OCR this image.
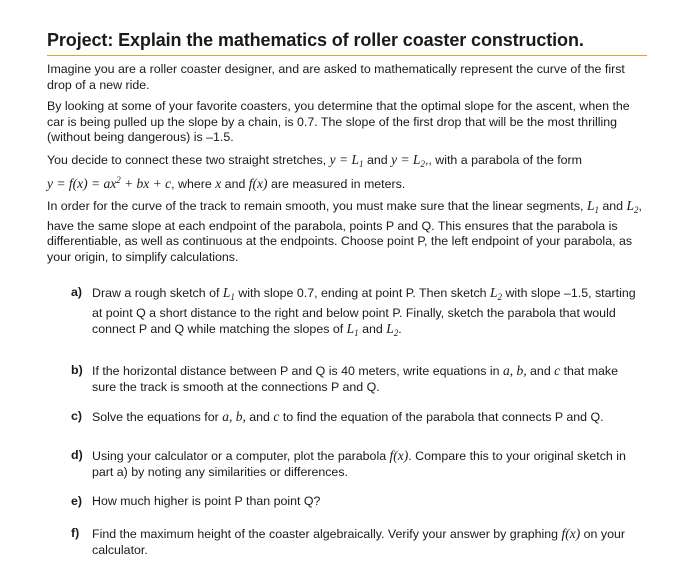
Project: Explain the mathematics of roller coaster construction.

Imagine you are a roller coaster designer, and are asked to mathematically represent the curve of the first drop of a new ride.

By looking at some of your favorite coasters, you determine that the optimal slope for the ascent, when the car is being pulled up the slope by a chain, is 0.7. The slope of the first drop that will be the most thrilling (without being dangerous) is –1.5.

You decide to connect these two straight stretches, $y = L_1$ and $y = L_2$,, with a parabola of the form
$y = f(x) = ax^2$ + bx + c, where x and f(x) are measured in meters.

In order for the curve of the track to remain smooth, you must make sure that the linear segments, $L_1$ and $L_2$, have the same slope at each endpoint of the parabola, points P and Q. This ensures that the parabola is differentiable, as well as continuous at the endpoints. Choose point P, the left endpoint of your parabola, as your origin, to simplify calculations.

a) Draw a rough sketch of $L_1$ with slope 0.7, ending at point P. Then sketch $L_2$ with slope –1.5, starting at point Q a short distance to the right and below point P. Finally, sketch the parabola that would connect P and Q while matching the slopes of $L_1$ and $L_2$.
b) If the horizontal distance between P and Q is 40 meters, write equations in a, b, and c that make sure the track is smooth at the connections P and Q.
c) Solve the equations for a, b, and c to find the equation of the parabola that connects P and Q.
d) Using your calculator or a computer, plot the parabola f(x). Compare this to your original sketch in part a) by noting any similarities or differences.
e) How much higher is point P than point Q?
f) Find the maximum height of the coaster algebraically. Verify your answer by graphing f(x) on your calculator.
